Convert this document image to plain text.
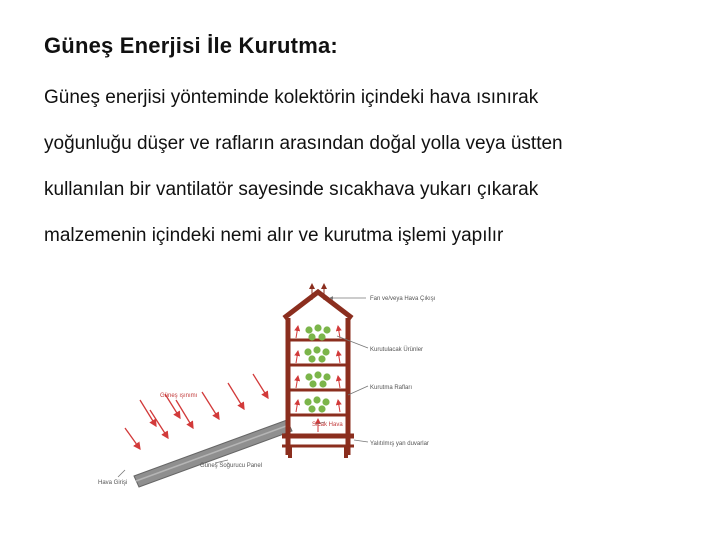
Güneş Enerjisi İle Kurutma:
Güneş enerjisi yönteminde kolektörin içindeki hava ısınırak
yoğunluğu düşer ve rafların arasından doğal yolla veya üstten
kullanılan bir vantilatör sayesinde sıcakhava yukarı çıkarak
malzemenin içindeki nemi alır ve kurutma işlemi yapılır
Fan ve/veya Hava Çıkışı
Kurutulacak Ürünler
Kurutma Rafları
Sıcak Hava
Yalıtılmış yan duvarlar
Güneş ışınımı
Güneş Soğurucu Panel
Hava Girişi
